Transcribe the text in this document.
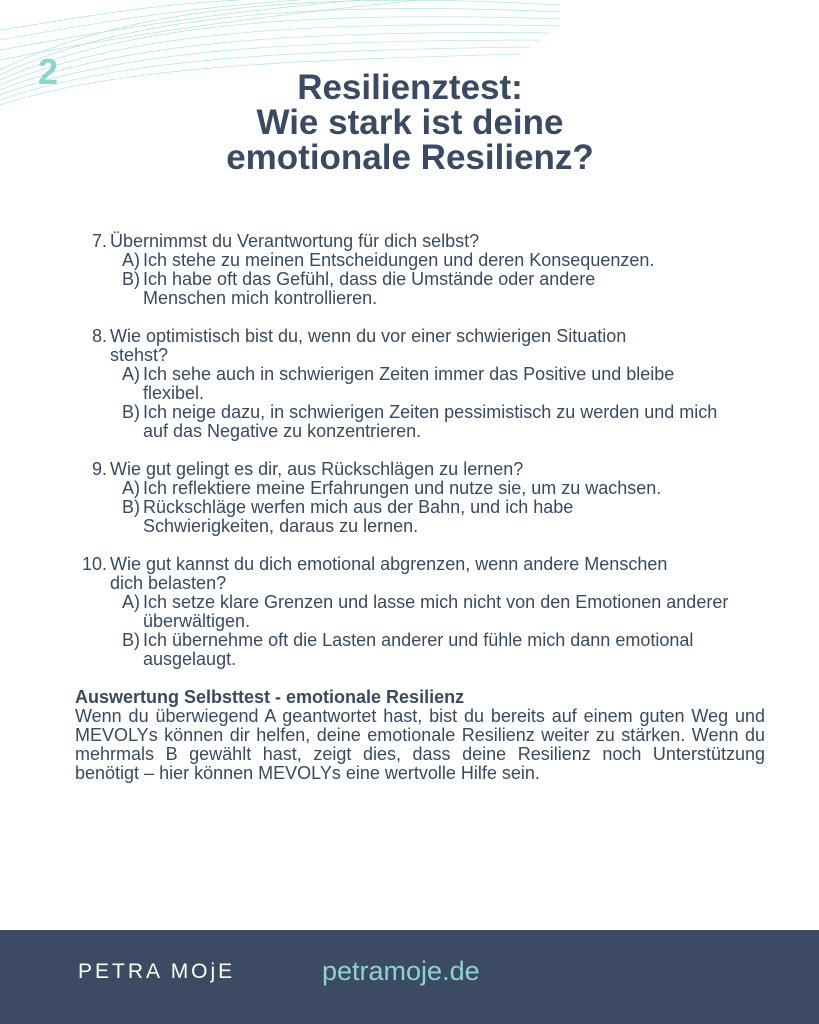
2	Resilienztest:
Wie stark ist deine
emotionale Resilienz?
7. Übernimmst du Verantwortung für dich selbst?
A) Ich stehe zu meinen Entscheidungen und deren Konsequenzen.
B) Ich habe oft das Gefühl, dass die Umstände oder andere Menschen mich kontrollieren.
8. Wie optimistisch bist du, wenn du vor einer schwierigen Situation stehst?
A) Ich sehe auch in schwierigen Zeiten immer das Positive und bleibe flexibel.
B) Ich neige dazu, in schwierigen Zeiten pessimistisch zu werden und mich auf das Negative zu konzentrieren.
9. Wie gut gelingt es dir, aus Rückschlägen zu lernen?
A) Ich reflektiere meine Erfahrungen und nutze sie, um zu wachsen.
B) Rückschläge werfen mich aus der Bahn, und ich habe Schwierigkeiten, daraus zu lernen.
10. Wie gut kannst du dich emotional abgrenzen, wenn andere Menschen dich belasten?
A) Ich setze klare Grenzen und lasse mich nicht von den Emotionen anderer überwältigen.
B) Ich übernehme oft die Lasten anderer und fühle mich dann emotional ausgelaugt.
Auswertung Selbsttest - emotionale Resilienz
Wenn du überwiegend A geantwortet hast, bist du bereits auf einem guten Weg und MEVOLYs können dir helfen, deine emotionale Resilienz weiter zu stärken. Wenn du mehrmals B gewählt hast, zeigt dies, dass deine Resilienz noch Unterstützung benötigt – hier können MEVOLYs eine wertvolle Hilfe sein.
PETRA MOjE	petramoje.de
